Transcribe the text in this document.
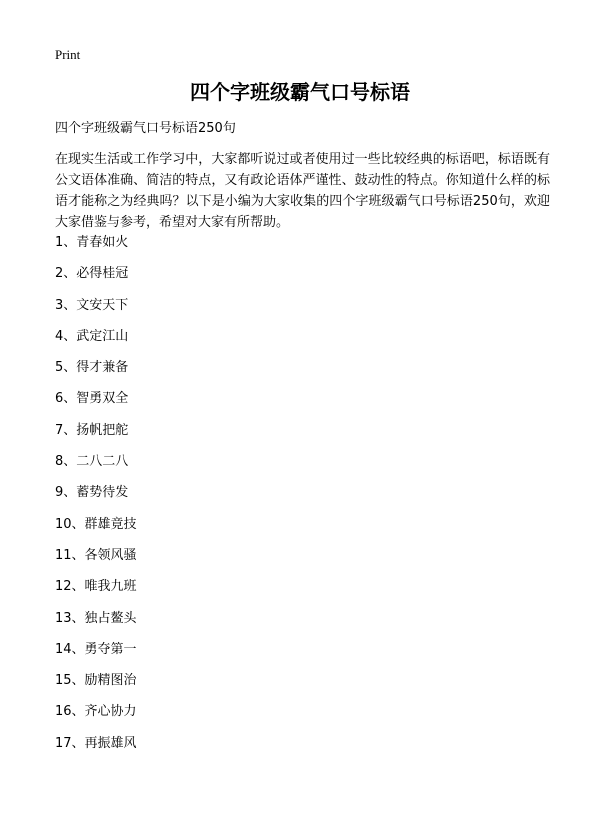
Print
四个字班级霸气口号标语

四个字班级霸气口号标语250句

在现实生活或工作学习中，大家都听说过或者使用过一些比较经典的标语吧，标语既有公文语体准确、简洁的特点，又有政论语体严谨性、鼓动性的特点。你知道什么样的标语才能称之为经典吗？以下是小编为大家收集的四个字班级霸气口号标语250句，欢迎大家借鉴与参考，希望对大家有所帮助。

1、青春如火
2、必得桂冠
3、文安天下
4、武定江山
5、得才兼备
6、智勇双全
7、扬帆把舵
8、二八二八
9、蓄势待发
10、群雄竟技
11、各领风骚
12、唯我九班
13、独占鳌头
14、勇夺第一
15、励精图治
16、齐心协力
17、再振雄风
